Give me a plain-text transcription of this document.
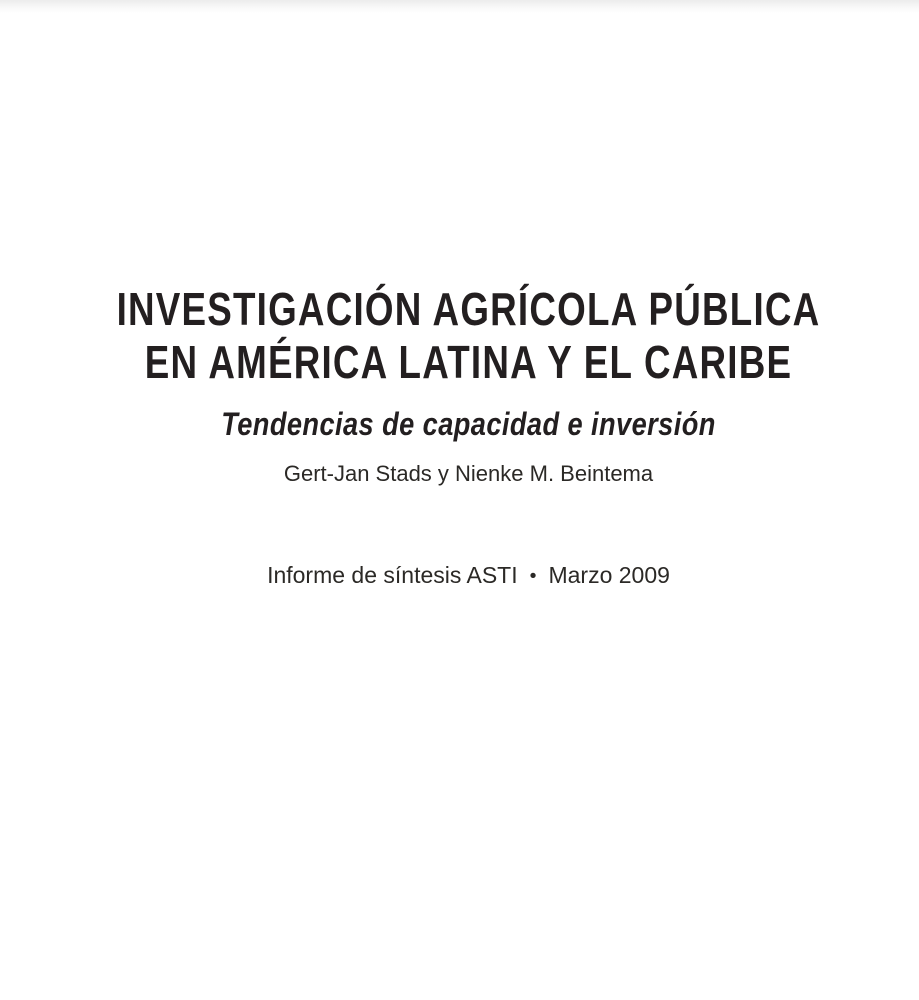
INVESTIGACIÓN AGRÍCOLA PÚBLICA
EN AMÉRICA LATINA Y EL CARIBE
Tendencias de capacidad e inversión
Gert-Jan Stads y Nienke M. Beintema
Informe de síntesis ASTI • Marzo 2009
